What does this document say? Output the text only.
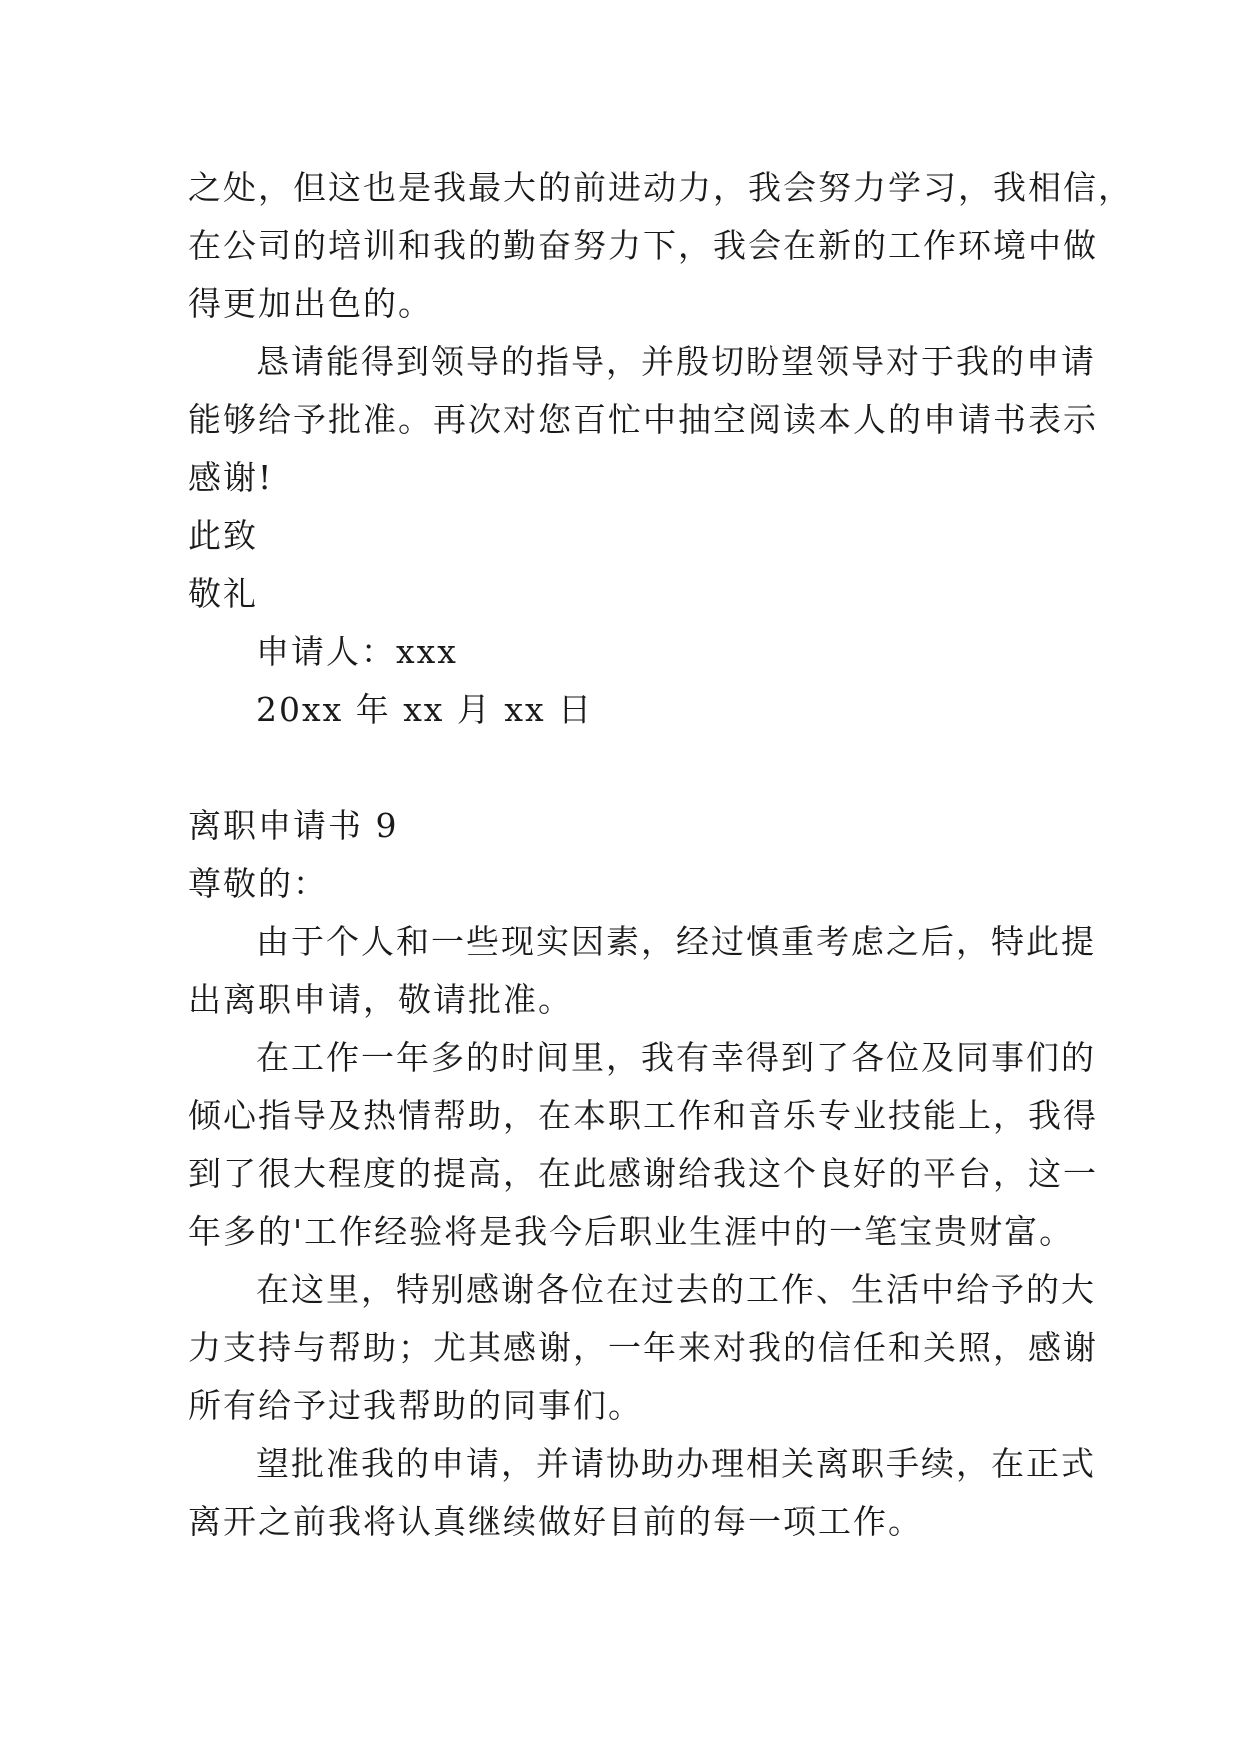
之处，但这也是我最大的前进动力，我会努力学习，我相信，
在公司的培训和我的勤奋努力下，我会在新的工作环境中做
得更加出色的。
恳请能得到领导的指导，并殷切盼望领导对于我的申请
能够给予批准。再次对您百忙中抽空阅读本人的申请书表示
感谢!
此致
敬礼
申请人：xxx
20xx 年 xx 月 xx 日
离职申请书 9
尊敬的：
由于个人和一些现实因素，经过慎重考虑之后，特此提
出离职申请，敬请批准。
在工作一年多的时间里，我有幸得到了各位及同事们的
倾心指导及热情帮助，在本职工作和音乐专业技能上，我得
到了很大程度的提高，在此感谢给我这个良好的平台，这一
年多的'工作经验将是我今后职业生涯中的一笔宝贵财富。
在这里，特别感谢各位在过去的工作、生活中给予的大
力支持与帮助；尤其感谢，一年来对我的信任和关照，感谢
所有给予过我帮助的同事们。
望批准我的申请，并请协助办理相关离职手续，在正式
离开之前我将认真继续做好目前的每一项工作。
